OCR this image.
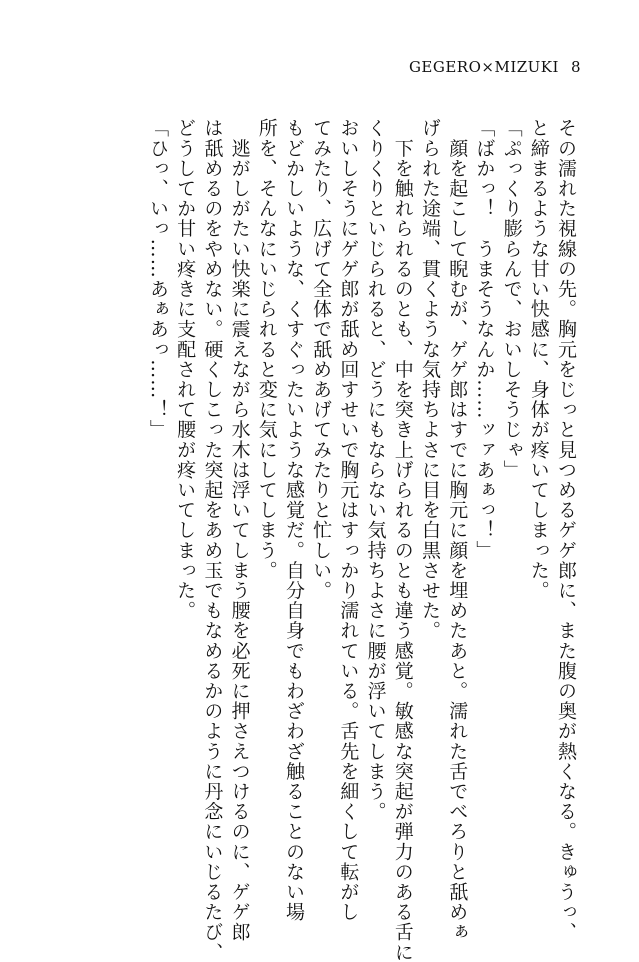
GEGERO×MIZUKI 8
その濡れた視線の先。胸元をじっと見つめるゲゲ郎に、また腹の奥が熱くなる。きゅうっ、
と締まるような甘い快感に、身体が疼いてしまった。
「ぷっくり膨らんで、おいしそうじゃ」
「ばかっ！　うまそうなんか……ッァあぁっ！」
　顔を起こして睨むが、ゲゲ郎はすでに胸元に顔を埋めたあと。濡れた舌でべろりと舐めぁ
げられた途端、貫くような気持ちよさに目を白黒させた。
　下を触れられるのとも、中を突き上げられるのとも違う感覚。敏感な突起が弾力のある舌に
くりくりといじられると、どうにもならない気持ちよさに腰が浮いてしまう。
おいしそうにゲゲ郎が舐め回すせいで胸元はすっかり濡れている。舌先を細くして転がし
てみたり、広げて全体で舐めあげてみたりと忙しい。
もどかしいような、くすぐったいような感覚だ。自分自身でもわざわざ触ることのない場
所を、そんなにいじられると変に気にしてしまう。
　逃がしがたい快楽に震えながら水木は浮いてしまう腰を必死に押さえつけるのに、ゲゲ郎
は舐めるのをやめない。硬くしこった突起をあめ玉でもなめるかのように丹念にいじるたび、
どうしてか甘い疼きに支配されて腰が疼いてしまった。
「ひっ、いっ……あぁあっ……！」
